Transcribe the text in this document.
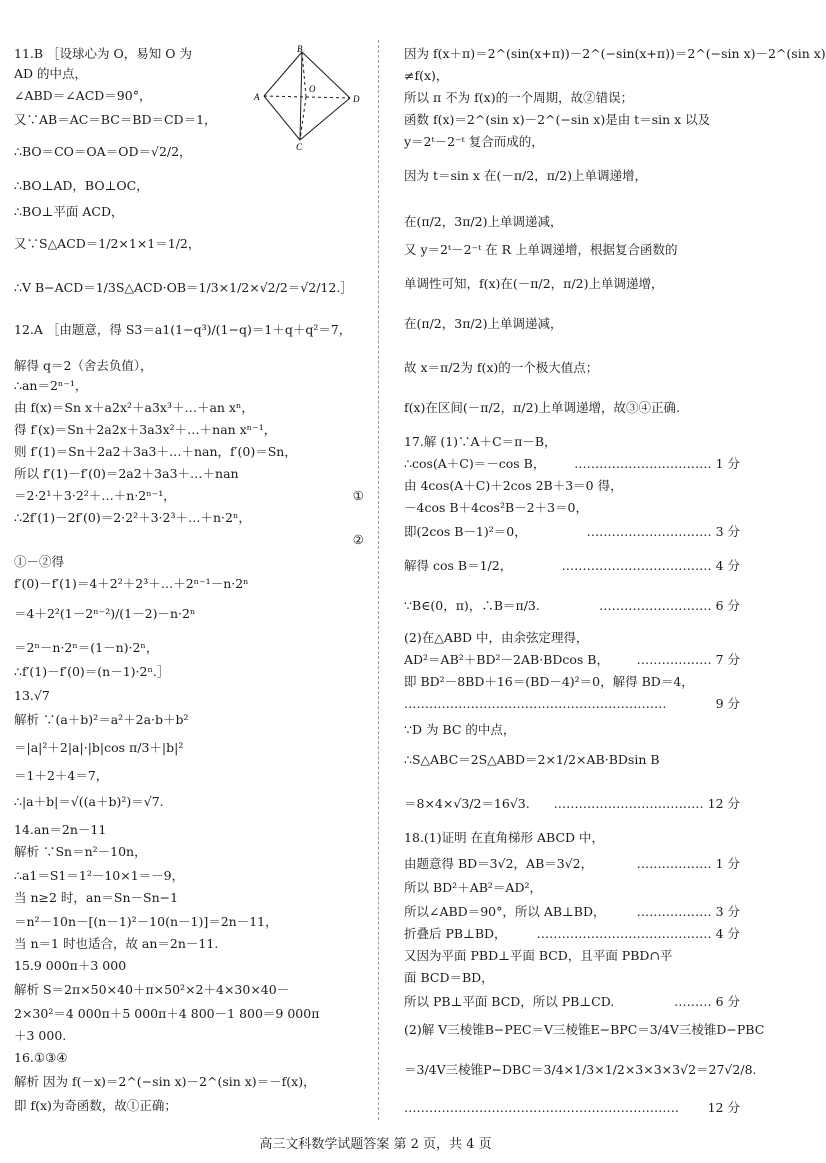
11.B ［设球心为 O，易知 O 为
AD 的中点，
∠ABD＝∠ACD＝90°，
又∵AB＝AC＝BC＝BD＝CD＝1，
∴BO＝CO＝OA＝OD＝√2/2，
∴BO⊥AD，BO⊥OC，
∴BO⊥平面 ACD，
又∵S△ACD＝1/2×1×1＝1/2，
∴V B−ACD＝1/3S△ACD·OB＝1/3×1/2×√2/2＝√2/12.］
12.A ［由题意，得 S3＝a1(1−q³)/(1−q)＝1＋q＋q²＝7，
解得 q＝2（舍去负值），
∴an＝2ⁿ⁻¹，
由 f(x)＝Sn x＋a2x²＋a3x³＋…＋an xⁿ，
得 f′(x)＝Sn＋2a2x＋3a3x²＋…＋nan xⁿ⁻¹，
则 f′(1)＝Sn＋2a2＋3a3＋…＋nan，f′(0)＝Sn，
所以 f′(1)－f′(0)＝2a2＋3a3＋…＋nan
＝2·2¹＋3·2²＋…＋n·2ⁿ⁻¹，	①
∴2f′(1)－2f′(0)＝2·2²＋3·2³＋…＋n·2ⁿ，
②
①－②得
f′(0)－f′(1)＝4＋2²＋2³＋…＋2ⁿ⁻¹－n·2ⁿ
＝4＋2²(1－2ⁿ⁻²)/(1－2)－n·2ⁿ
＝2ⁿ－n·2ⁿ＝(1－n)·2ⁿ，
∴f′(1)－f′(0)＝(n－1)·2ⁿ.］
13.√7
解析 ∵(a＋b)²＝a²＋2a·b＋b²
＝|a|²＋2|a|·|b|cos π/3＋|b|²
＝1＋2＋4＝7，
∴|a＋b|＝√((a＋b)²)＝√7.
14.an＝2n－11
解析 ∵Sn＝n²－10n，
∴a1＝S1＝1²－10×1＝－9，
当 n≥2 时，an＝Sn－Sn−1
＝n²－10n－[(n－1)²－10(n－1)]＝2n－11，
当 n＝1 时也适合，故 an＝2n－11.
15.9 000π＋3 000
解析 S＝2π×50×40＋π×50²×2＋4×30×40－
2×30²＝4 000π＋5 000π＋4 800－1 800＝9 000π
＋3 000.
16.①③④
解析 因为 f(－x)＝2^(−sin x)－2^(sin x)＝－f(x)，
即 f(x)为奇函数，故①正确；
因为 f(x＋π)＝2^(sin(x+π))－2^(−sin(x+π))＝2^(−sin x)－2^(sin x)
≠f(x)，
所以 π 不为 f(x)的一个周期，故②错误；
函数 f(x)＝2^(sin x)－2^(−sin x)是由 t＝sin x 以及
y＝2ᵗ－2⁻ᵗ 复合而成的，
因为 t＝sin x 在(－π/2，π/2)上单调递增，
在(π/2，3π/2)上单调递减，
又 y＝2ᵗ－2⁻ᵗ 在 R 上单调递增，根据复合函数的
单调性可知，f(x)在(－π/2，π/2)上单调递增，
在(π/2，3π/2)上单调递减，
故 x＝π/2为 f(x)的一个极大值点；
f(x)在区间(－π/2，π/2)上单调递增，故③④正确.
17.解 (1)∵A＋C＝π－B，
∴cos(A＋C)＝－cos B， …………………………… 1 分
由 4cos(A＋C)＋2cos 2B＋3＝0 得，
－4cos B＋4cos²B－2＋3＝0，
即(2cos B－1)²＝0，	………………………… 3 分
解得 cos B＝1/2，	……………………………… 4 分
∵B∈(0，π)，∴B＝π/3.	……………………… 6 分
(2)在△ABD 中，由余弦定理得，
AD²＝AB²＋BD²－2AB·BDcos B， ……………… 7 分
即 BD²－8BD＋16＝(BD－4)²＝0，解得 BD＝4，
………………………………………………………	9 分
∵D 为 BC 的中点，
∴S△ABC＝2S△ABD＝2×1/2×AB·BDsin B
＝8×4×√3/2＝16√3. ……………………………… 12 分
18.(1)证明 在直角梯形 ABCD 中，
由题意得 BD＝3√2，AB＝3√2，	……………… 1 分
所以 BD²＋AB²＝AD²，
所以∠ABD＝90°，所以 AB⊥BD， ……………… 3 分
折叠后 PB⊥BD， …………………………………… 4 分
又因为平面 PBD⊥平面 BCD，且平面 PBD∩平
面 BCD＝BD，
所以 PB⊥平面 BCD，所以 PB⊥CD.	……… 6 分
(2)解 V三棱锥B−PEC＝V三棱锥E−BPC＝3/4V三棱锥D−PBC
＝3/4V三棱锥P−DBC＝3/4×1/3×1/2×3×3×3√2＝27√2/8.
………………………………………………………… 12 分
B
A
O
D
C
高三文科数学试题答案 第 2 页，共 4 页
